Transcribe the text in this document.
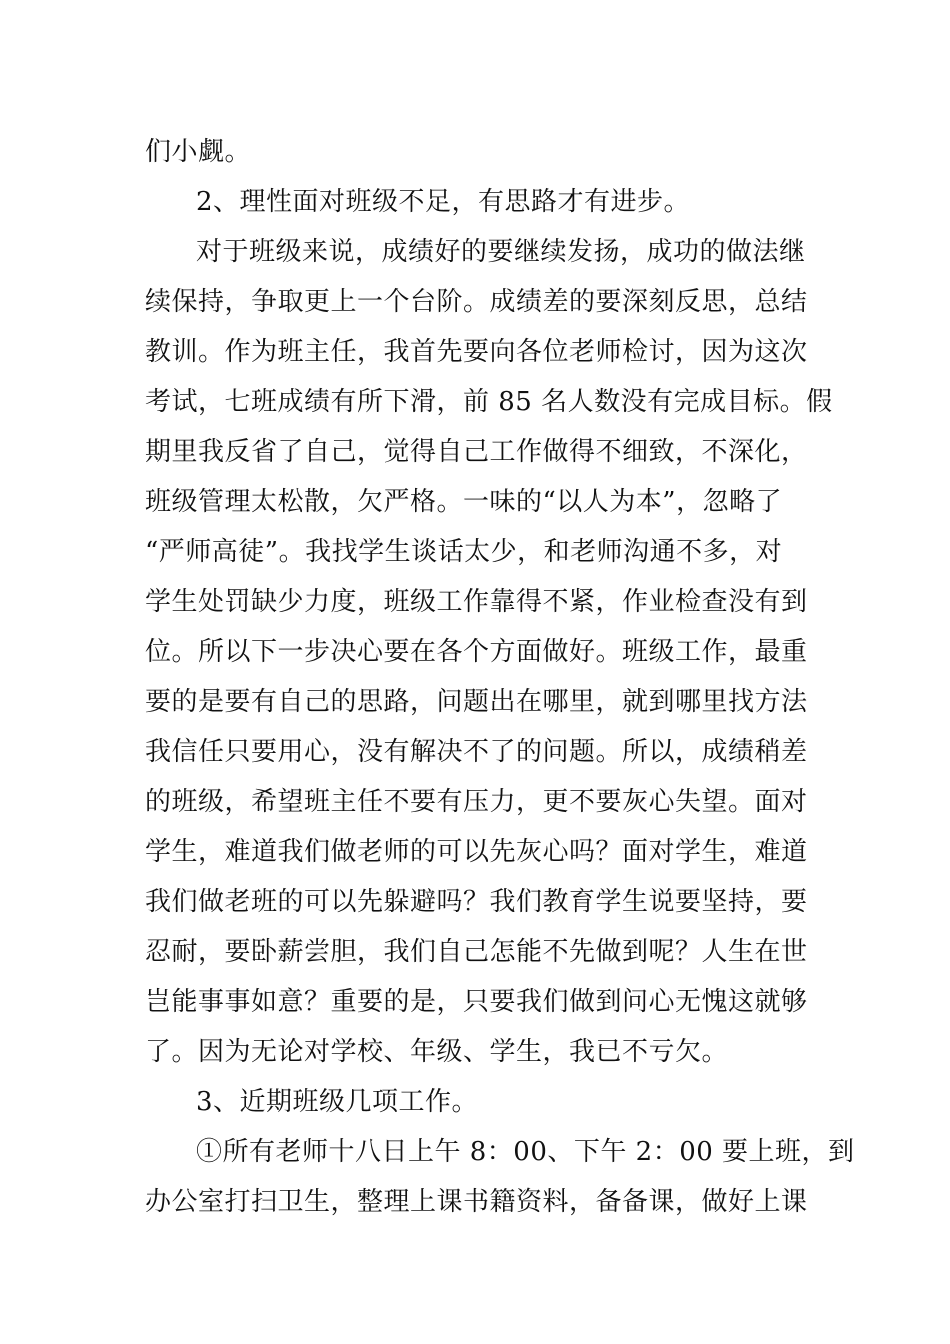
们小觑。
2、理性面对班级不足，有思路才有进步。
对于班级来说，成绩好的要继续发扬，成功的做法继
续保持，争取更上一个台阶。成绩差的要深刻反思，总结
教训。作为班主任，我首先要向各位老师检讨，因为这次
考试，七班成绩有所下滑，前 85 名人数没有完成目标。假
期里我反省了自己，觉得自己工作做得不细致，不深化，
班级管理太松散，欠严格。一味的“以人为本”，忽略了
“严师高徒”。我找学生谈话太少，和老师沟通不多，对
学生处罚缺少力度，班级工作靠得不紧，作业检查没有到
位。所以下一步决心要在各个方面做好。班级工作，最重
要的是要有自己的思路，问题出在哪里，就到哪里找方法
我信任只要用心，没有解决不了的问题。所以，成绩稍差
的班级，希望班主任不要有压力，更不要灰心失望。面对
学生，难道我们做老师的可以先灰心吗？面对学生，难道
我们做老班的可以先躲避吗？我们教育学生说要坚持，要
忍耐，要卧薪尝胆，我们自己怎能不先做到呢？人生在世
岂能事事如意？重要的是，只要我们做到问心无愧这就够
了。因为无论对学校、年级、学生，我已不亏欠。
3、近期班级几项工作。
①所有老师十八日上午 8：00、下午 2：00 要上班，到
办公室打扫卫生，整理上课书籍资料，备备课，做好上课
